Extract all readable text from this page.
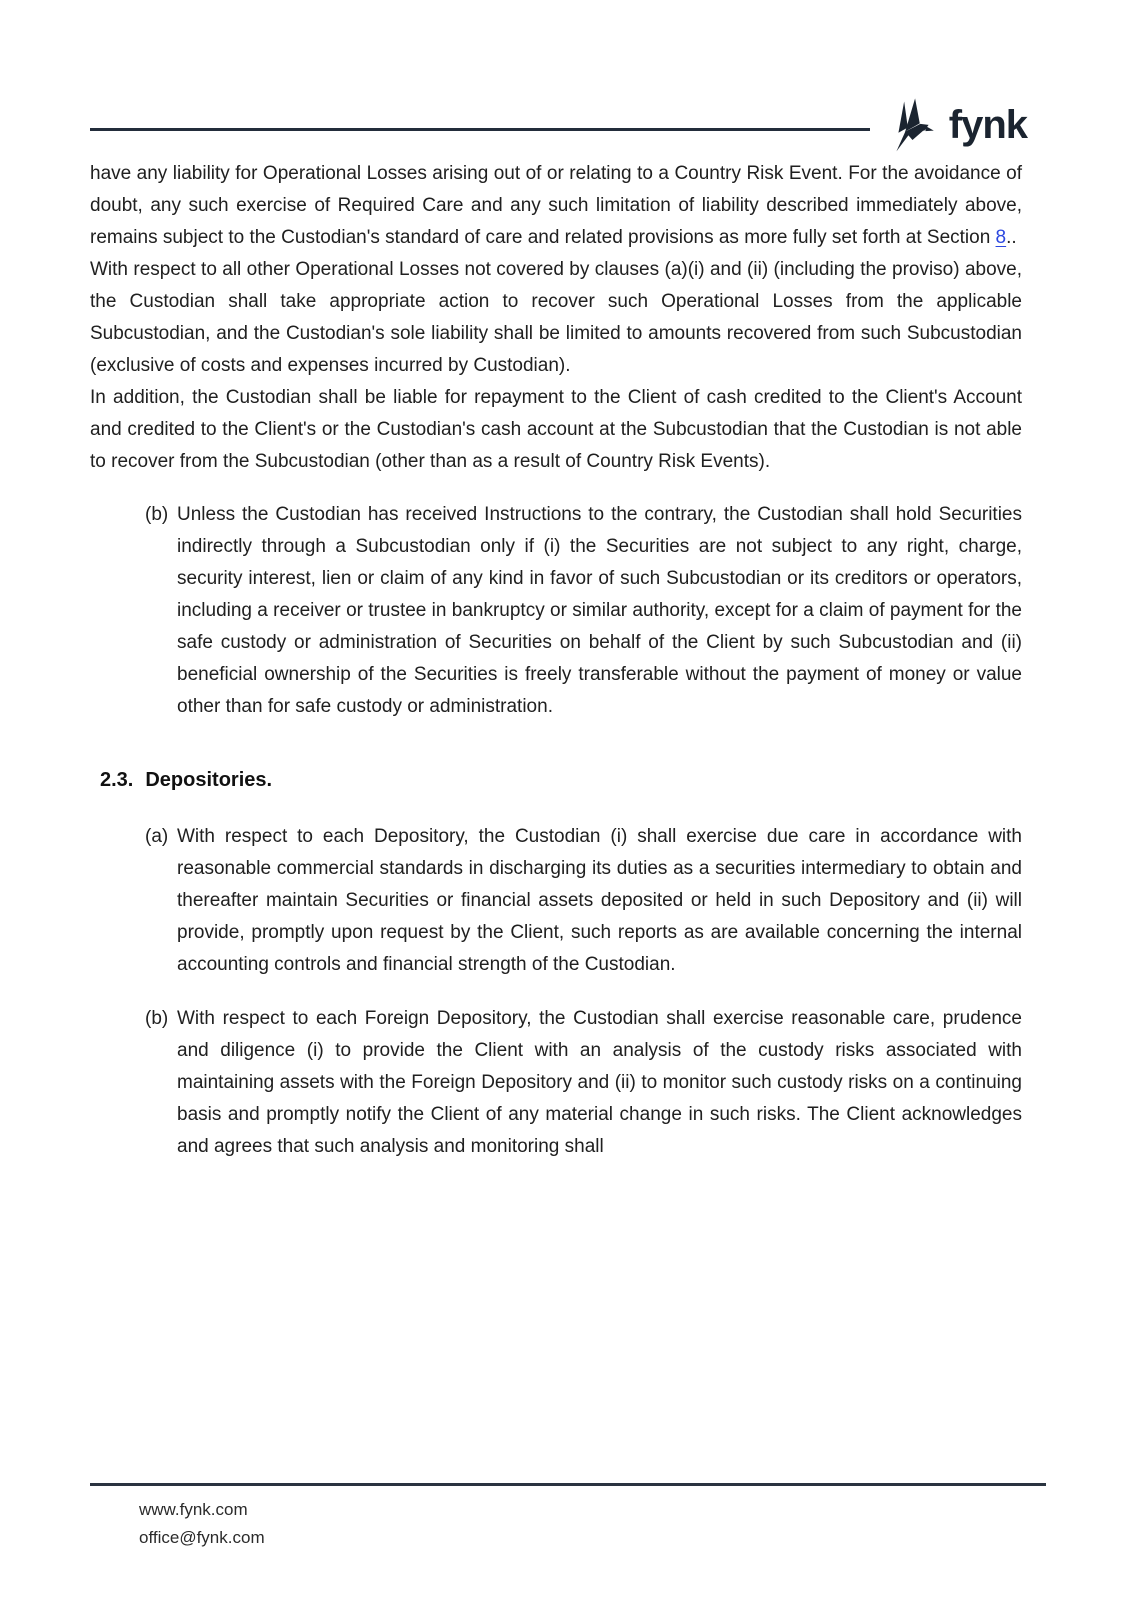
fynk

have any liability for Operational Losses arising out of or relating to a Country Risk Event. For the avoidance of doubt, any such exercise of Required Care and any such limitation of liability described immediately above, remains subject to the Custodian's standard of care and related provisions as more fully set forth at Section 8..

With respect to all other Operational Losses not covered by clauses (a)(i) and (ii) (including the proviso) above, the Custodian shall take appropriate action to recover such Operational Losses from the applicable Subcustodian, and the Custodian's sole liability shall be limited to amounts recovered from such Subcustodian (exclusive of costs and expenses incurred by Custodian).

In addition, the Custodian shall be liable for repayment to the Client of cash credited to the Client's Account and credited to the Client's or the Custodian's cash account at the Subcustodian that the Custodian is not able to recover from the Subcustodian (other than as a result of Country Risk Events).

(b) Unless the Custodian has received Instructions to the contrary, the Custodian shall hold Securities indirectly through a Subcustodian only if (i) the Securities are not subject to any right, charge, security interest, lien or claim of any kind in favor of such Subcustodian or its creditors or operators, including a receiver or trustee in bankruptcy or similar authority, except for a claim of payment for the safe custody or administration of Securities on behalf of the Client by such Subcustodian and (ii) beneficial ownership of the Securities is freely transferable without the payment of money or value other than for safe custody or administration.
2.3. Depositories.
(a) With respect to each Depository, the Custodian (i) shall exercise due care in accordance with reasonable commercial standards in discharging its duties as a securities intermediary to obtain and thereafter maintain Securities or financial assets deposited or held in such Depository and (ii) will provide, promptly upon request by the Client, such reports as are available concerning the internal accounting controls and financial strength of the Custodian.
(b) With respect to each Foreign Depository, the Custodian shall exercise reasonable care, prudence and diligence (i) to provide the Client with an analysis of the custody risks associated with maintaining assets with the Foreign Depository and (ii) to monitor such custody risks on a continuing basis and promptly notify the Client of any material change in such risks. The Client acknowledges and agrees that such analysis and monitoring shall
www.fynk.com
office@fynk.com
